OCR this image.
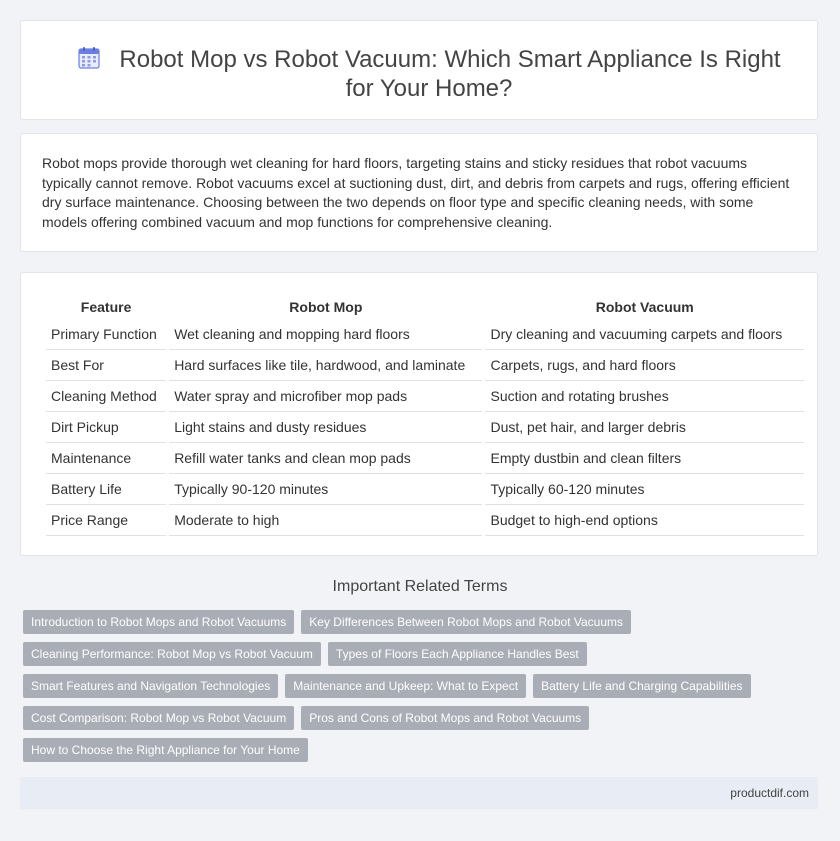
Robot Mop vs Robot Vacuum: Which Smart Appliance Is Right for Your Home?
Robot mops provide thorough wet cleaning for hard floors, targeting stains and sticky residues that robot vacuums typically cannot remove. Robot vacuums excel at suctioning dust, dirt, and debris from carpets and rugs, offering efficient dry surface maintenance. Choosing between the two depends on floor type and specific cleaning needs, with some models offering combined vacuum and mop functions for comprehensive cleaning.
Feature	Robot Mop	Robot Vacuum
Primary Function	Wet cleaning and mopping hard floors	Dry cleaning and vacuuming carpets and floors
Best For	Hard surfaces like tile, hardwood, and laminate	Carpets, rugs, and hard floors
Cleaning Method	Water spray and microfiber mop pads	Suction and rotating brushes
Dirt Pickup	Light stains and dusty residues	Dust, pet hair, and larger debris
Maintenance	Refill water tanks and clean mop pads	Empty dustbin and clean filters
Battery Life	Typically 90-120 minutes	Typically 60-120 minutes
Price Range	Moderate to high	Budget to high-end options
Important Related Terms
Introduction to Robot Mops and Robot Vacuums	Key Differences Between Robot Mops and Robot Vacuums
Cleaning Performance: Robot Mop vs Robot Vacuum	Types of Floors Each Appliance Handles Best
Smart Features and Navigation Technologies	Maintenance and Upkeep: What to Expect	Battery Life and Charging Capabilities
Cost Comparison: Robot Mop vs Robot Vacuum	Pros and Cons of Robot Mops and Robot Vacuums
How to Choose the Right Appliance for Your Home
productdif.com
